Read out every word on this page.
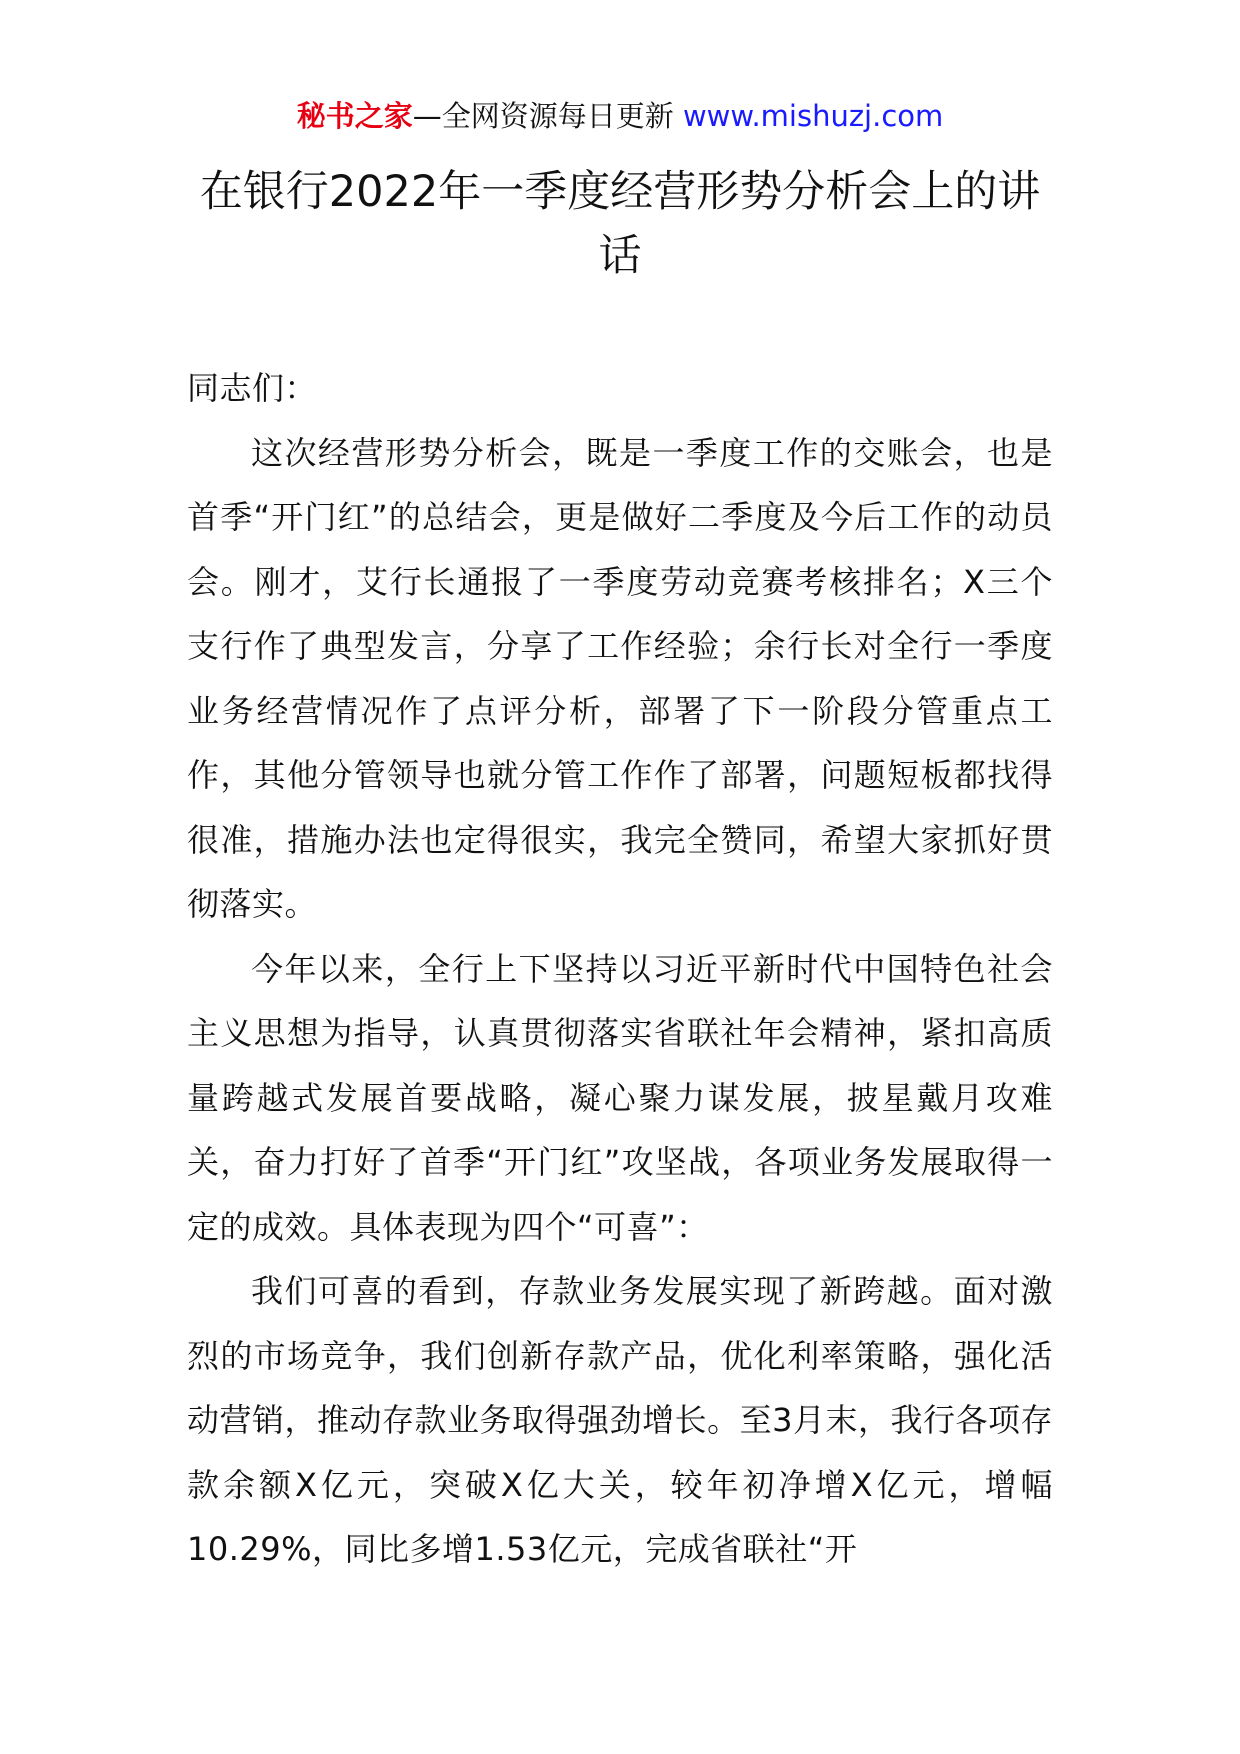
秘书之家—全网资源每日更新 www.mishuzj.com
在银行2022年一季度经营形势分析会上的讲话

同志们：

这次经营形势分析会，既是一季度工作的交账会，也是首季“开门红”的总结会，更是做好二季度及今后工作的动员会。刚才，艾行长通报了一季度劳动竞赛考核排名；X三个支行作了典型发言，分享了工作经验；余行长对全行一季度业务经营情况作了点评分析，部署了下一阶段分管重点工作，其他分管领导也就分管工作作了部署，问题短板都找得很准，措施办法也定得很实，我完全赞同，希望大家抓好贯彻落实。

今年以来，全行上下坚持以习近平新时代中国特色社会主义思想为指导，认真贯彻落实省联社年会精神，紧扣高质量跨越式发展首要战略，凝心聚力谋发展，披星戴月攻难关，奋力打好了首季“开门红”攻坚战，各项业务发展取得一定的成效。具体表现为四个“可喜”：

我们可喜的看到，存款业务发展实现了新跨越。面对激烈的市场竞争，我们创新存款产品，优化利率策略，强化活动营销，推动存款业务取得强劲增长。至3月末，我行各项存款余额X亿元，突破X亿大关，较年初净增X亿元，增幅10.29%，同比多增1.53亿元，完成省联社“开
